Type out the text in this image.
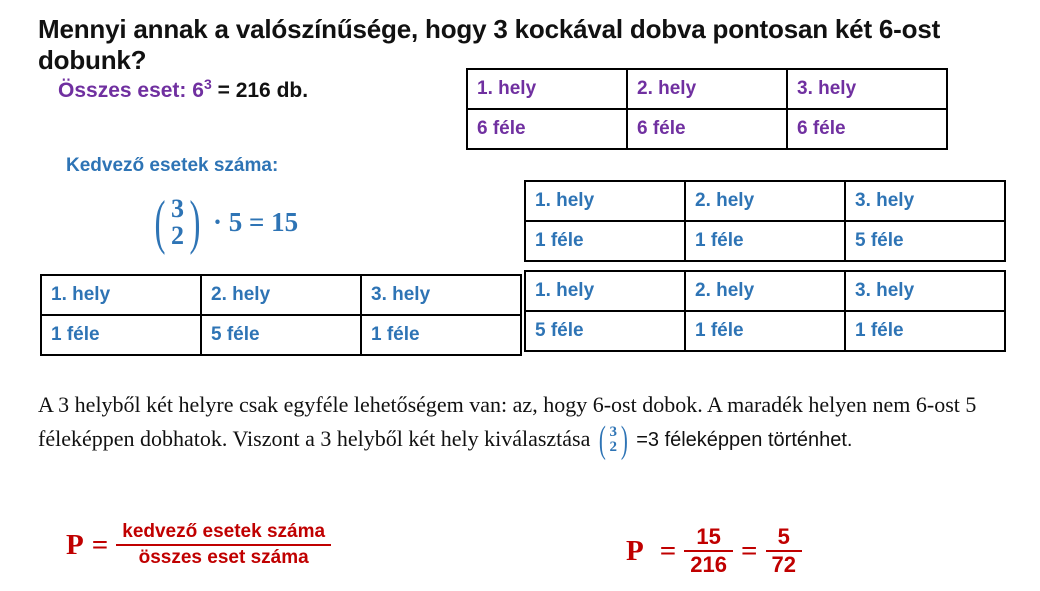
Mennyi annak a valószínűsége, hogy 3 kockával dobva pontosan két 6-ost dobunk?
Összes eset: $6^3 = 216$ db.
Kedvező esetek száma:
( 3
2 ) · 5 = 15
1. hely	2. hely	3. hely
6 féle	6 féle	6 féle
1. hely	2. hely	3. hely
1 féle	1 féle	5 féle
1. hely	2. hely	3. hely
5 féle	1 féle	1 féle
1. hely	2. hely	3. hely
1 féle	5 féle	1 féle
A 3 helyből két helyre csak egyféle lehetőségem van: az, hogy 6-ost dobok. A maradék helyen nem 6-ost 5 féleképpen dobhatok. Viszont a 3 helyből két hely kiválasztása ( 3
2 ) =3 féleképpen történhet.
$P = \frac{\text{kedvező esetek száma}}{\text{összes eset száma}}$	$P = \frac{15}{216} = \frac{5}{72}$
